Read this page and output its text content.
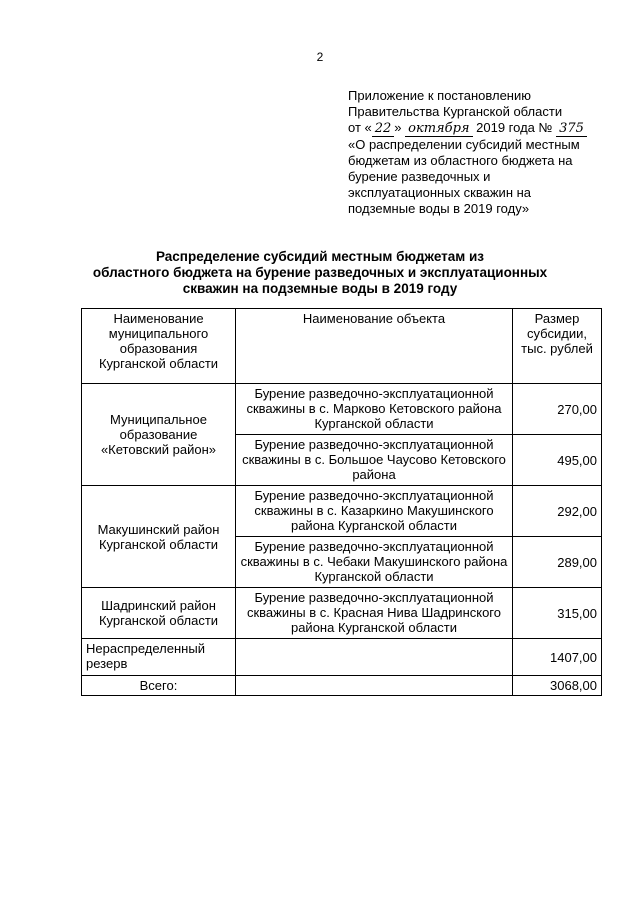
2
Приложение к постановлению
Правительства Курганской области
от « 22 » октября 2019 года № 375
«О распределении субсидий местным
бюджетам из областного бюджета на
бурение разведочных и
эксплуатационных скважин на
подземные воды в 2019 году»
Распределение субсидий местным бюджетам из
областного бюджета на бурение разведочных и эксплуатационных
скважин на подземные воды в 2019 году
Наименование муниципального образования Курганской области	Наименование объекта	Размер субсидии, тыс. рублей
Муниципальное образование «Кетовский район»	Бурение разведочно-эксплуатационной скважины в с. Марково Кетовского района Курганской области	270,00
	Бурение разведочно-эксплуатационной скважины в с. Большое Чаусово Кетовского района	495,00
Макушинский район Курганской области	Бурение разведочно-эксплуатационной скважины в с. Казаркино Макушинского района Курганской области	292,00
	Бурение разведочно-эксплуатационной скважины в с. Чебаки Макушинского района Курганской области	289,00
Шадринский район Курганской области	Бурение разведочно-эксплуатационной скважины в с. Красная Нива Шадринского района Курганской области	315,00
Нераспределенный резерв		1407,00
Всего:		3068,00
